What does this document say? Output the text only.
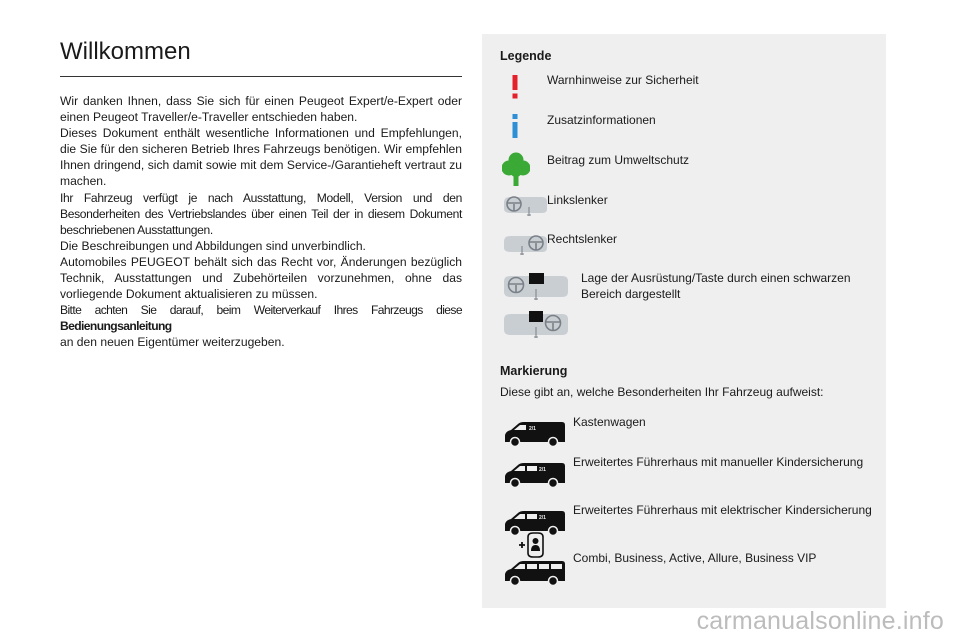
Willkommen

Wir danken Ihnen, dass Sie sich für einen Peugeot Expert/e-Expert oder einen Peugeot Traveller/e-Traveller entschieden haben.

Dieses Dokument enthält wesentliche Informationen und Empfehlungen, die Sie für den sicheren Betrieb Ihres Fahrzeugs benötigen. Wir empfehlen Ihnen dringend, sich damit sowie mit dem Service-/Garantieheft vertraut zu machen.

Ihr Fahrzeug verfügt je nach Ausstattung, Modell, Version und den Besonderheiten des Vertriebslandes über einen Teil der in diesem Dokument beschriebenen Ausstattungen.

Die Beschreibungen und Abbildungen sind unverbindlich.

Automobiles PEUGEOT behält sich das Recht vor, Änderungen bezüglich Technik, Ausstattungen und Zubehörteilen vorzunehmen, ohne das vorliegende Dokument aktualisieren zu müssen.

Bitte achten Sie darauf, beim Weiterverkauf Ihres Fahrzeugs diese Bedienungsanleitung
an den neuen Eigentümer weiterzugeben.

Legende
Warnhinweise zur Sicherheit
Zusatzinformationen
Beitrag zum Umweltschutz
Linkslenker
Rechtslenker
Lage der Ausrüstung/Taste durch einen schwarzen Bereich dargestellt
Markierung
Diese gibt an, welche Besonderheiten Ihr Fahrzeug aufweist:
2/1	Kastenwagen
2/1
Erweitertes Führerhaus mit manueller Kindersicherung
2/1
Erweitertes Führerhaus mit elektrischer Kindersicherung
Combi, Business, Active, Allure, Business VIP
carmanualsonline.info
